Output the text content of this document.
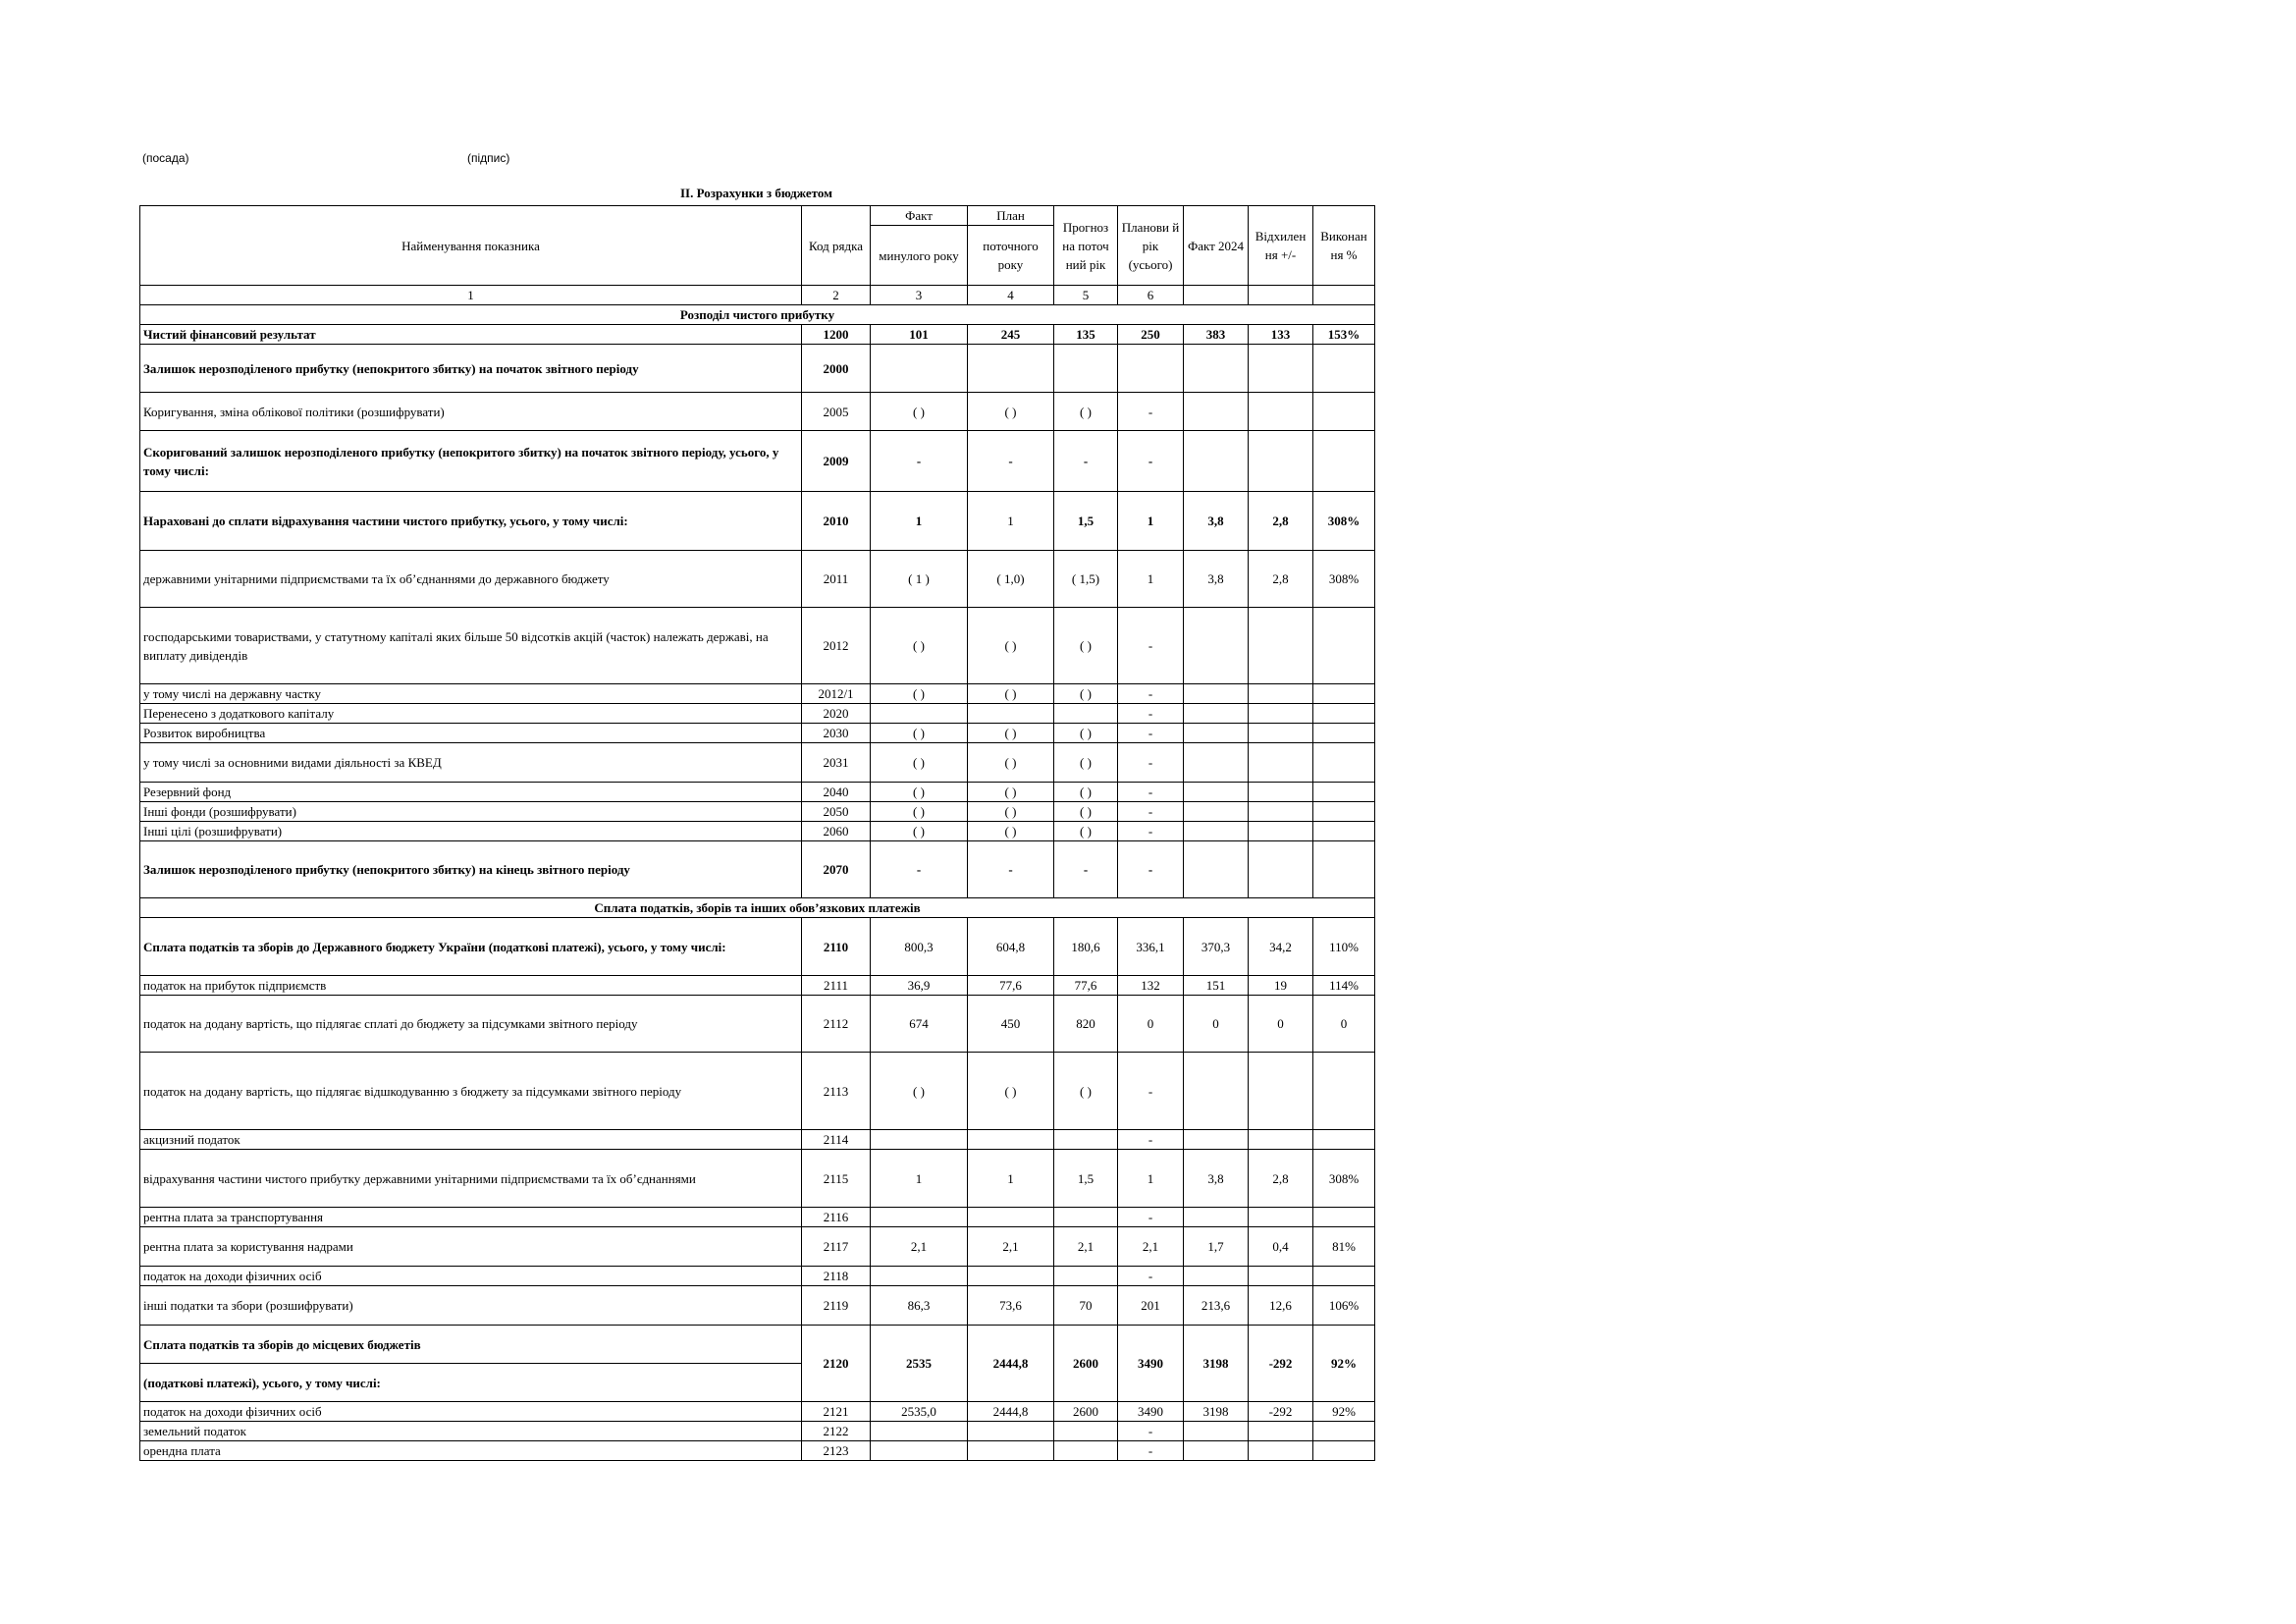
(посада)	(підпис)
ІІ. Розрахунки з бюджетом
Найменування показника	Код рядка	Факт	План	Прогноз на поточ ний рік	Планови й рік (усього)	Факт 2024	Відхилен ня +/-	Виконан ня %
		минулого року	поточного року					
1	2	3	4	5	6			
Розподіл чистого прибутку								
Чистий фінансовий результат	1200	101	245	135	250	383	133	153%
Залишок нерозподіленого прибутку (непокритого збитку) на початок звітного періоду	2000							
Коригування, зміна облікової політики (розшифрувати)	2005	( )	( )	( )	-			
Скоригований залишок нерозподіленого прибутку (непокритого збитку) на початок звітного періоду, усього, у тому числі:	2009	-	-	-	-			
Нараховані до сплати відрахування частини чистого прибутку, усього, у тому числі:	2010	1	1	1,5	1	3,8	2,8	308%
державними унітарними підприємствами та їх об’єднаннями до державного бюджету	2011	( 1 )	( 1,0)	( 1,5)	1	3,8	2,8	308%
господарськими товариствами, у статутному капіталі яких більше 50 відсотків акцій (часток) належать державі, на виплату дивідендів	2012	( )	( )	( )	-			
у тому числі на державну частку	2012/1	( )	( )	( )	-			
Перенесено з додаткового капіталу	2020				-			
Розвиток виробництва	2030	( )	( )	( )	-			
у тому числі за основними видами діяльності за КВЕД	2031	( )	( )	( )	-			
Резервний фонд	2040	( )	( )	( )	-			
Інші фонди (розшифрувати)	2050	( )	( )	( )	-			
Інші цілі (розшифрувати)	2060	( )	( )	( )	-			
Залишок нерозподіленого прибутку (непокритого збитку) на кінець звітного періоду	2070	-	-	-	-			
Сплата податків, зборів та інших обов’язкових платежів								
Сплата податків та зборів до Державного бюджету України (податкові платежі), усього, у тому числі:	2110	800,3	604,8	180,6	336,1	370,3	34,2	110%
податок на прибуток підприємств	2111	36,9	77,6	77,6	132	151	19	114%
податок на додану вартість, що підлягає сплаті до бюджету за підсумками звітного періоду	2112	674	450	820	0	0	0	0
податок на додану вартість, що підлягає відшкодуванню з бюджету за підсумками звітного періоду	2113	( )	( )	( )	-			
акцизний податок	2114				-			
відрахування частини чистого прибутку державними унітарними підприємствами та їх об’єднаннями	2115	1	1	1,5	1	3,8	2,8	308%
рентна плата за транспортування	2116				-			
рентна плата за користування надрами	2117	2,1	2,1	2,1	2,1	1,7	0,4	81%
податок на доходи фізичних осіб	2118				-			
інші податки та збори (розшифрувати)	2119	86,3	73,6	70	201	213,6	12,6	106%
Сплата податків та зборів до місцевих бюджетів	2120	2535	2444,8	2600	3490	3198	-292	92%
(податкові платежі), усього, у тому числі:								
податок на доходи фізичних осіб	2121	2535,0	2444,8	2600	3490	3198	-292	92%
земельний податок	2122				-			
орендна плата	2123				-			
